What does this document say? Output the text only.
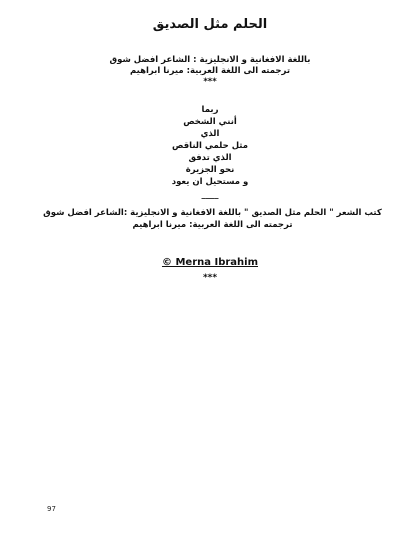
الحلم مثل الصديق
باللغة الافغانية و الانجليزية : الشاعر افضل شوق
ترجمته الى اللغة العربية: ميرنا ابراهيم
***
ربما
أنني الشخص
الذي
مثل حلمي الناقص
الذي تدفق
نحو الجزيرة
و مستحيل ان يعود
____
كتب الشعر " الحلم مثل الصديق " باللغة الافغانية و الانجليزية :الشاعر افضل شوق
ترجمته الى اللغة العربية: ميرنا ابراهيم
© Merna Ibrahim
***
97
